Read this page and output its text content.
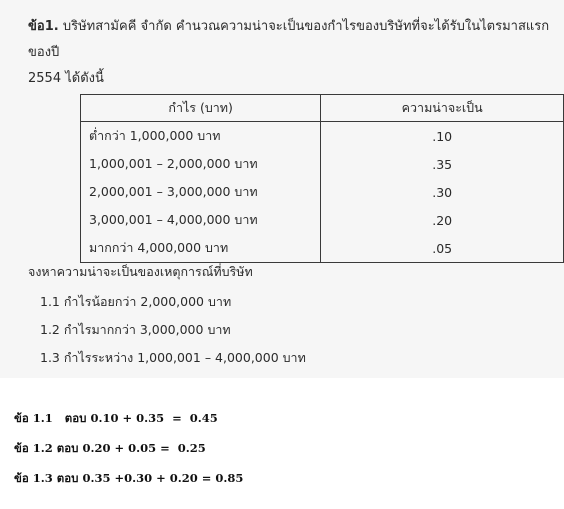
ข้อ1. บริษัทสามัคคี จำกัด คำนวณความน่าจะเป็นของกำไรของบริษัทที่จะได้รับในไตรมาสแรกของปี
2554 ได้ดังนี้
กำไร (บาท)	ความน่าจะเป็น
ต่ำกว่า 1,000,000 บาท	.10
1,000,001 – 2,000,000 บาท	.35
2,000,001 – 3,000,000 บาท	.30
3,000,001 – 4,000,000 บาท	.20
มากกว่า 4,000,000 บาท	.05
จงหาความน่าจะเป็นของเหตุการณ์ที่บริษัท
1.1 กำไรน้อยกว่า 2,000,000 บาท
1.2 กำไรมากกว่า 3,000,000 บาท
1.3 กำไรระหว่าง 1,000,001 – 4,000,000 บาท
ข้อ 1.1   ตอบ 0.10 + 0.35  =  0.45
ข้อ 1.2 ตอบ 0.20 + 0.05 =  0.25
ข้อ 1.3 ตอบ 0.35 +0.30 + 0.20 = 0.85
